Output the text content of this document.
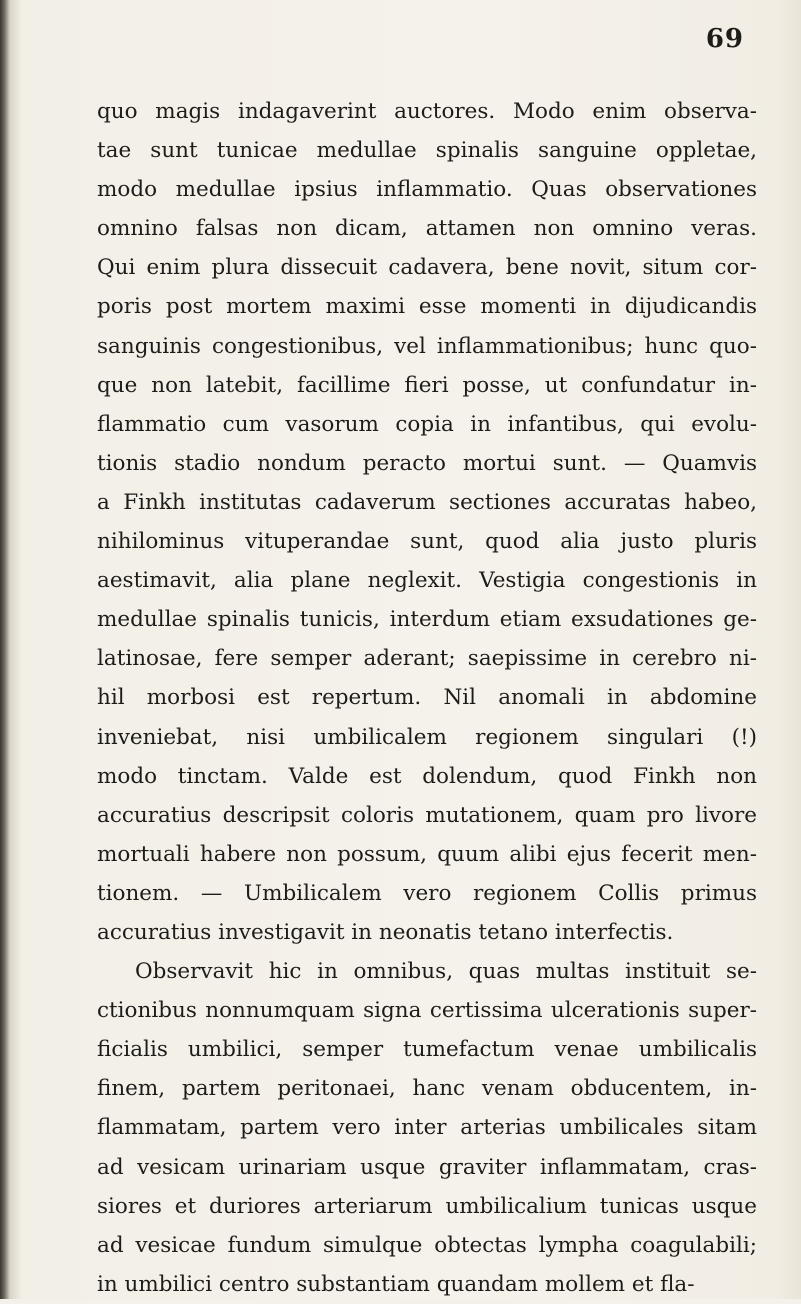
69
quo magis indagaverint auctores. Modo enim observa-
tae sunt tunicae medullae spinalis sanguine oppletae,
modo medullae ipsius inflammatio. Quas observationes
omnino falsas non dicam, attamen non omnino veras.
Qui enim plura dissecuit cadavera, bene novit, situm cor-
poris post mortem maximi esse momenti in dijudicandis
sanguinis congestionibus, vel inflammationibus; hunc quo-
que non latebit, facillime fieri posse, ut confundatur in-
flammatio cum vasorum copia in infantibus, qui evolu-
tionis stadio nondum peracto mortui sunt. — Quamvis
a Finkh institutas cadaverum sectiones accuratas habeo,
nihilominus vituperandae sunt, quod alia justo pluris
aestimavit, alia plane neglexit. Vestigia congestionis in
medullae spinalis tunicis, interdum etiam exsudationes ge-
latinosae, fere semper aderant; saepissime in cerebro ni-
hil morbosi est repertum. Nil anomali in abdomine
inveniebat, nisi umbilicalem regionem singulari (!)
modo tinctam. Valde est dolendum, quod Finkh non
accuratius descripsit coloris mutationem, quam pro livore
mortuali habere non possum, quum alibi ejus fecerit men-
tionem. — Umbilicalem vero regionem Collis primus
accuratius investigavit in neonatis tetano interfectis.
Observavit hic in omnibus, quas multas instituit se-
ctionibus nonnumquam signa certissima ulcerationis super-
ficialis umbilici, semper tumefactum venae umbilicalis
finem, partem peritonaei, hanc venam obducentem, in-
flammatam, partem vero inter arterias umbilicales sitam
ad vesicam urinariam usque graviter inflammatam, cras-
siores et duriores arteriarum umbilicalium tunicas usque
ad vesicae fundum simulque obtectas lympha coagulabili;
in umbilici centro substantiam quandam mollem et fla-
